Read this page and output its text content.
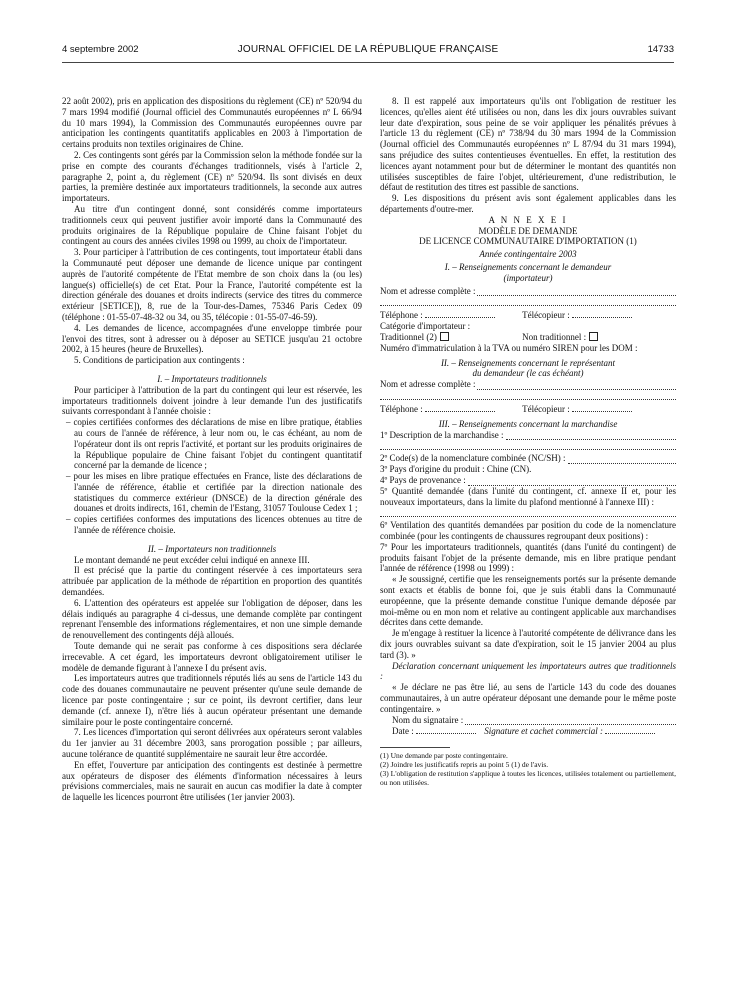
4 septembre 2002	JOURNAL OFFICIEL DE LA RÉPUBLIQUE FRANÇAISE	14733

22 août 2002), pris en application des dispositions du règlement (CE) nº 520/94 du 7 mars 1994 modifié (Journal officiel des Communautés européennes nº L 66/94 du 10 mars 1994), la Commission des Communautés européennes ouvre par anticipation les contingents quantitatifs applicables en 2003 à l'importation de certains produits non textiles originaires de Chine.

2. Ces contingents sont gérés par la Commission selon la méthode fondée sur la prise en compte des courants d'échanges traditionnels, visés à l'article 2, paragraphe 2, point a, du règlement (CE) nº 520/94. Ils sont divisés en deux parties, la première destinée aux importateurs traditionnels, la seconde aux autres importateurs.

Au titre d'un contingent donné, sont considérés comme importateurs traditionnels ceux qui peuvent justifier avoir importé dans la Communauté des produits originaires de la République populaire de Chine faisant l'objet du contingent au cours des années civiles 1998 ou 1999, au choix de l'importateur.

3. Pour participer à l'attribution de ces contingents, tout importateur établi dans la Communauté peut déposer une demande de licence unique par contingent auprès de l'autorité compétente de l'Etat membre de son choix dans la (ou les) langue(s) officielle(s) de cet Etat. Pour la France, l'autorité compétente est la direction générale des douanes et droits indirects (service des titres du commerce extérieur [SETICE]), 8, rue de la Tour-des-Dames, 75346 Paris Cedex 09 (téléphone : 01-55-07-48-32 ou 34, ou 35, télécopie : 01-55-07-46-59).

4. Les demandes de licence, accompagnées d'une enveloppe timbrée pour l'envoi des titres, sont à adresser ou à déposer au SETICE jusqu'au 21 octobre 2002, à 15 heures (heure de Bruxelles).

5. Conditions de participation aux contingents :

I. – Importateurs traditionnels

Pour participer à l'attribution de la part du contingent qui leur est réservée, les importateurs traditionnels doivent joindre à leur demande l'un des justificatifs suivants correspondant à l'année choisie :

– copies certifiées conformes des déclarations de mise en libre pratique, établies au cours de l'année de référence, à leur nom ou, le cas échéant, au nom de l'opérateur dont ils ont repris l'activité, et portant sur les produits originaires de la République populaire de Chine faisant l'objet du contingent quantitatif concerné par la demande de licence ;

– pour les mises en libre pratique effectuées en France, liste des déclarations de l'année de référence, établie et certifiée par la direction nationale des statistiques du commerce extérieur (DNSCE) de la direction générale des douanes et droits indirects, 161, chemin de l'Estang, 31057 Toulouse Cedex 1 ;

– copies certifiées conformes des imputations des licences obtenues au titre de l'année de référence choisie.

II. – Importateurs non traditionnels

Le montant demandé ne peut excéder celui indiqué en annexe III.

Il est précisé que la partie du contingent réservée à ces importateurs sera attribuée par application de la méthode de répartition en proportion des quantités demandées.

6. L'attention des opérateurs est appelée sur l'obligation de déposer, dans les délais indiqués au paragraphe 4 ci-dessus, une demande complète par contingent reprenant l'ensemble des informations réglementaires, et non une simple demande de renouvellement des contingents déjà alloués.

Toute demande qui ne serait pas conforme à ces dispositions sera déclarée irrecevable. A cet égard, les importateurs devront obligatoirement utiliser le modèle de demande figurant à l'annexe I du présent avis.

Les importateurs autres que traditionnels réputés liés au sens de l'article 143 du code des douanes communautaire ne peuvent présenter qu'une seule demande de licence par poste contingentaire ; sur ce point, ils devront certifier, dans leur demande (cf. annexe I), n'être liés à aucun opérateur présentant une demande similaire pour le poste contingentaire concerné.

7. Les licences d'importation qui seront délivrées aux opérateurs seront valables du 1er janvier au 31 décembre 2003, sans prorogation possible ; par ailleurs, aucune tolérance de quantité supplémentaire ne saurait leur être accordée.

En effet, l'ouverture par anticipation des contingents est destinée à permettre aux opérateurs de disposer des éléments d'information nécessaires à leurs prévisions commerciales, mais ne saurait en aucun cas modifier la date à compter de laquelle les licences pourront être utilisées (1er janvier 2003).

8. Il est rappelé aux importateurs qu'ils ont l'obligation de restituer les licences, qu'elles aient été utilisées ou non, dans les dix jours ouvrables suivant leur date d'expiration, sous peine de se voir appliquer les pénalités prévues à l'article 13 du règlement (CE) nº 738/94 du 30 mars 1994 de la Commission (Journal officiel des Communautés européennes nº L 87/94 du 31 mars 1994), sans préjudice des suites contentieuses éventuelles. En effet, la restitution des licences ayant notamment pour but de déterminer le montant des quantités non utilisées susceptibles de faire l'objet, ultérieurement, d'une redistribution, le défaut de restitution des titres est passible de sanctions.

9. Les dispositions du présent avis sont également applicables dans les départements d'outre-mer.

A N N E X E I

MODÈLE DE DEMANDE

DE LICENCE COMMUNAUTAIRE D'IMPORTATION (1)

Année contingentaire 2003

I. – Renseignements concernant le demandeur

(importateur)

Nom et adresse complète :
Téléphone :	Télécopieur :

Catégorie d'importateur :

Traditionnel (2)	Non traditionnel :

Numéro d'immatriculation à la TVA ou numéro SIREN pour les DOM :

II. – Renseignements concernant le représentant

du demandeur (le cas échéant)

Nom et adresse complète :
Téléphone :	Télécopieur :

III. – Renseignements concernant la marchandise

1º Description de la marchandise :
2º Code(s) de la nomenclature combinée (NC/SH) :

3º Pays d'origine du produit : Chine (CN).

4º Pays de provenance :

5º Quantité demandée (dans l'unité du contingent, cf. annexe II et, pour les nouveaux importateurs, dans la limite du plafond mentionné à l'annexe III) :

6º Ventilation des quantités demandées par position du code de la nomenclature combinée (pour les contingents de chaussures regroupant deux positions) :

7º Pour les importateurs traditionnels, quantités (dans l'unité du contingent) de produits faisant l'objet de la présente demande, mis en libre pratique pendant l'année de référence (1998 ou 1999) :

« Je soussigné, certifie que les renseignements portés sur la présente demande sont exacts et établis de bonne foi, que je suis établi dans la Communauté européenne, que la présente demande constitue l'unique demande déposée par moi-même ou en mon nom et relative au contingent applicable aux marchandises décrites dans cette demande.

Je m'engage à restituer la licence à l'autorité compétente de délivrance dans les dix jours ouvrables suivant sa date d'expiration, soit le 15 janvier 2004 au plus tard (3). »

Déclaration concernant uniquement les importateurs autres que traditionnels :

« Je déclare ne pas être lié, au sens de l'article 143 du code des douanes communautaires, à un autre opérateur déposant une demande pour le même poste contingentaire. »

Nom du signataire :
Date :	Signature et cachet commercial :

(1) Une demande par poste contingentaire.

(2) Joindre les justificatifs repris au point 5 (1) de l'avis.

(3) L'obligation de restitution s'applique à toutes les licences, utilisées totalement ou partiellement, ou non utilisées.
